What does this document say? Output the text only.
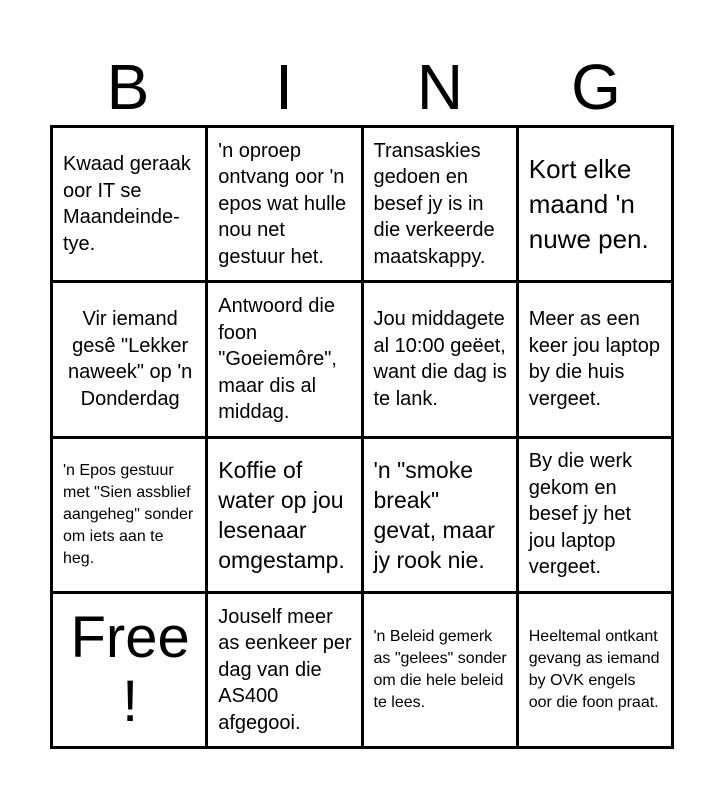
B	I	N	G
Kwaad geraak oor IT se Maandeinde-tye.
'n oproep ontvang oor 'n epos wat hulle nou net gestuur het.
Transaskies gedoen en besef jy is in die verkeerde maatskappy.
Kort elke maand 'n nuwe pen.
Vir iemand gesê "Lekker naweek" op 'n Donderdag
Antwoord die foon "Goeiemôre", maar dis al middag.
Jou middagete al 10:00 geëet, want die dag is te lank.
Meer as een keer jou laptop by die huis vergeet.
'n Epos gestuur met "Sien assblief aangeheg" sonder om iets aan te heg.
Koffie of water op jou lesenaar omgestamp.
'n "smoke break" gevat, maar jy rook nie.
By die werk gekom en besef jy het jou laptop vergeet.
Free!
Jouself meer as eenkeer per dag van die AS400 afgegooi.
'n Beleid gemerk as "gelees" sonder om die hele beleid te lees.
Heeltemal ontkant gevang as iemand by OVK engels oor die foon praat.
